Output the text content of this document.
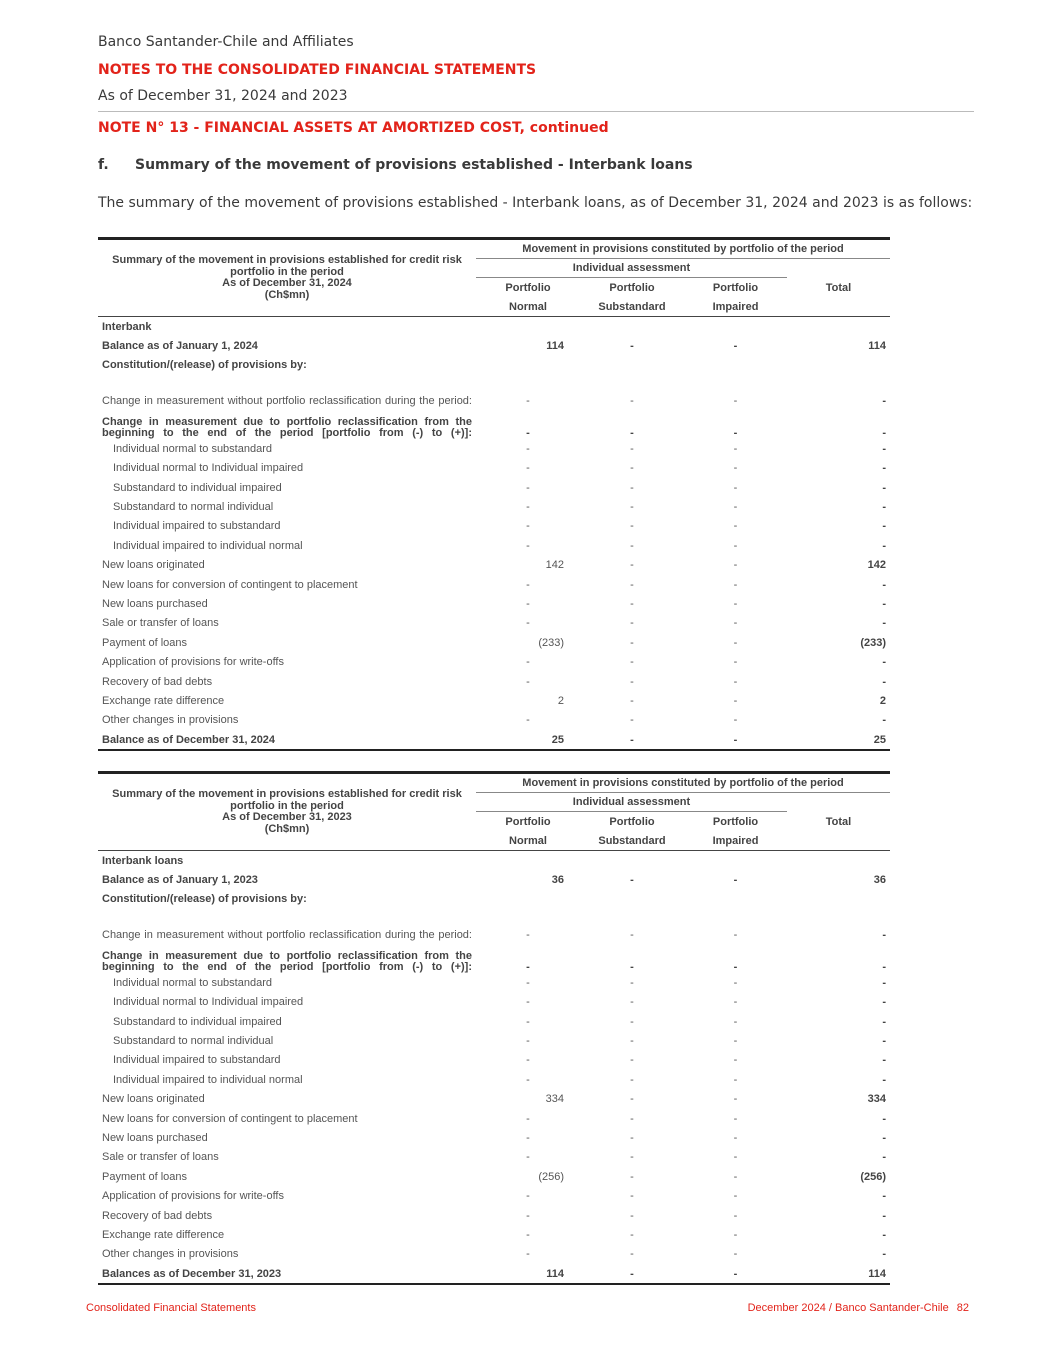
Banco Santander-Chile and Affiliates
NOTES TO THE CONSOLIDATED FINANCIAL STATEMENTS
As of December 31, 2024 and 2023
NOTE N° 13 - FINANCIAL ASSETS AT AMORTIZED COST, continued
f. Summary of the movement of provisions established - Interbank loans
The summary of the movement of provisions established - Interbank loans, as of December 31, 2024 and 2023 is as follows:
Summary of the movement in provisions established for credit risk
portfolio in the period
As of December 31, 2024
(Ch$mn)	Movement in provisions constituted by portfolio of the period			
	Individual assessment			Total
	Portfolio	Portfolio	Portfolio	
	Normal	Substandard	Impaired	
Interbank				
Balance as of January 1, 2024	114	-	-	114
Constitution/(release) of provisions by:				
Change in measurement without portfolio reclassification during the period:	-	-	-	-
Change in measurement due to portfolio reclassification from the beginning to the end of the period [portfolio from (-) to (+)]:	-	-	-	-
Individual normal to substandard	-	-	-	-
Individual normal to Individual impaired	-	-	-	-
Substandard to individual impaired	-	-	-	-
Substandard to normal individual	-	-	-	-
Individual impaired to substandard	-	-	-	-
Individual impaired to individual normal	-	-	-	-
New loans originated	142	-	-	142
New loans for conversion of contingent to placement	-	-	-	-
New loans purchased	-	-	-	-
Sale or transfer of loans	-	-	-	-
Payment of loans	(233)	-	-	(233)
Application of provisions for write-offs	-	-	-	-
Recovery of bad debts	-	-	-	-
Exchange rate difference	2	-	-	2
Other changes in provisions	-	-	-	-
Balance as of December 31, 2024	25	-	-	25
Summary of the movement in provisions established for credit risk
portfolio in the period
As of December 31, 2023
(Ch$mn)	Movement in provisions constituted by portfolio of the period			
	Individual assessment			Total
	Portfolio	Portfolio	Portfolio	
	Normal	Substandard	Impaired	
Interbank loans				
Balance as of January 1, 2023	36	-	-	36
Constitution/(release) of provisions by:				
Change in measurement without portfolio reclassification during the period:	-	-	-	-
Change in measurement due to portfolio reclassification from the beginning to the end of the period [portfolio from (-) to (+)]:	-	-	-	-
Individual normal to substandard	-	-	-	-
Individual normal to Individual impaired	-	-	-	-
Substandard to individual impaired	-	-	-	-
Substandard to normal individual	-	-	-	-
Individual impaired to substandard	-	-	-	-
Individual impaired to individual normal	-	-	-	-
New loans originated	334	-	-	334
New loans for conversion of contingent to placement	-	-	-	-
New loans purchased	-	-	-	-
Sale or transfer of loans	-	-	-	-
Payment of loans	(256)	-	-	(256)
Application of provisions for write-offs	-	-	-	-
Recovery of bad debts	-	-	-	-
Exchange rate difference	-	-	-	-
Other changes in provisions	-	-	-	-
Balances as of December 31, 2023	114	-	-	114
Consolidated Financial Statements	December 2024 / Banco Santander-Chile 82
